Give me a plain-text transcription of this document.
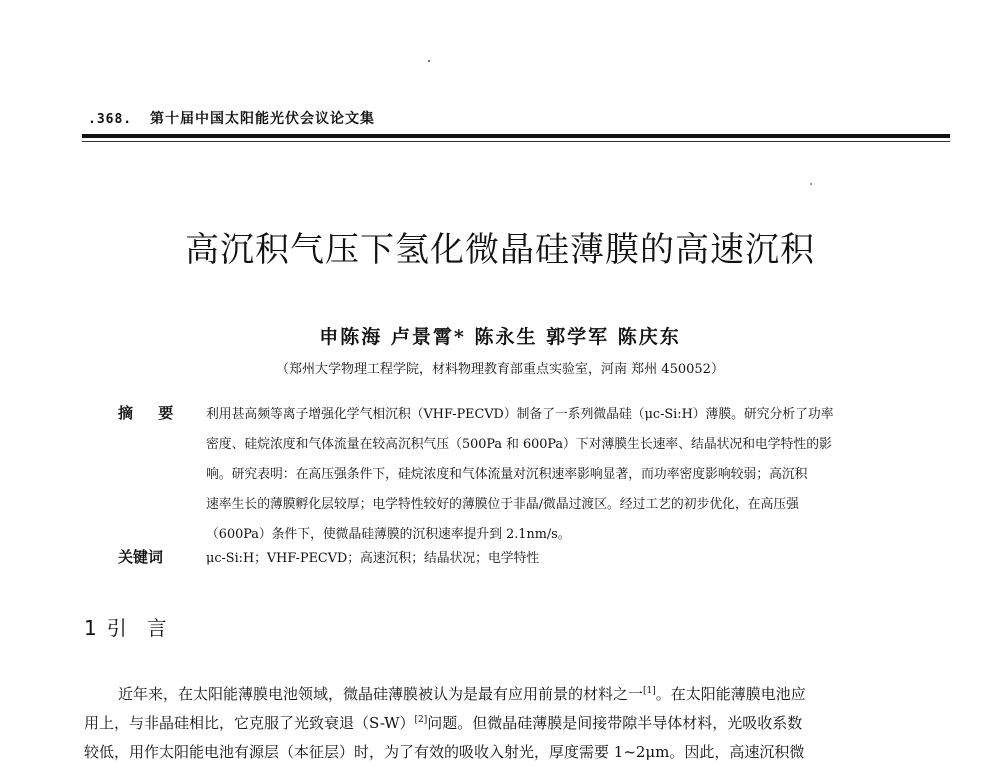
.368. 第十届中国太阳能光伏会议论文集
高沉积气压下氢化微晶硅薄膜的高速沉积
申陈海 卢景霄* 陈永生 郭学军 陈庆东
（郑州大学物理工程学院，材料物理教育部重点实验室，河南 郑州 450052）
摘 要 利用甚高频等离子增强化学气相沉积（VHF-PECVD）制备了一系列微晶硅（μc-Si:H）薄膜。研究分析了功率
密度、硅烷浓度和气体流量在较高沉积气压（500Pa 和 600Pa）下对薄膜生长速率、结晶状况和电学特性的影
响。研究表明：在高压强条件下，硅烷浓度和气体流量对沉积速率影响显著，而功率密度影响较弱；高沉积
速率生长的薄膜孵化层较厚；电学特性较好的薄膜位于非晶/微晶过渡区。经过工艺的初步优化，在高压强
（600Pa）条件下，使微晶硅薄膜的沉积速率提升到 2.1nm/s。
关键词	μc-Si:H；VHF-PECVD；高速沉积；结晶状况；电学特性
1 引言
近年来，在太阳能薄膜电池领域，微晶硅薄膜被认为是最有应用前景的材料之一[1]。在太阳能薄膜电池应
用上，与非晶硅相比，它克服了光致衰退（S-W）[2]问题。但微晶硅薄膜是间接带隙半导体材料，光吸收系数
较低，用作太阳能电池有源层（本征层）时，为了有效的吸收入射光，厚度需要 1~2μm。因此，高速沉积微
